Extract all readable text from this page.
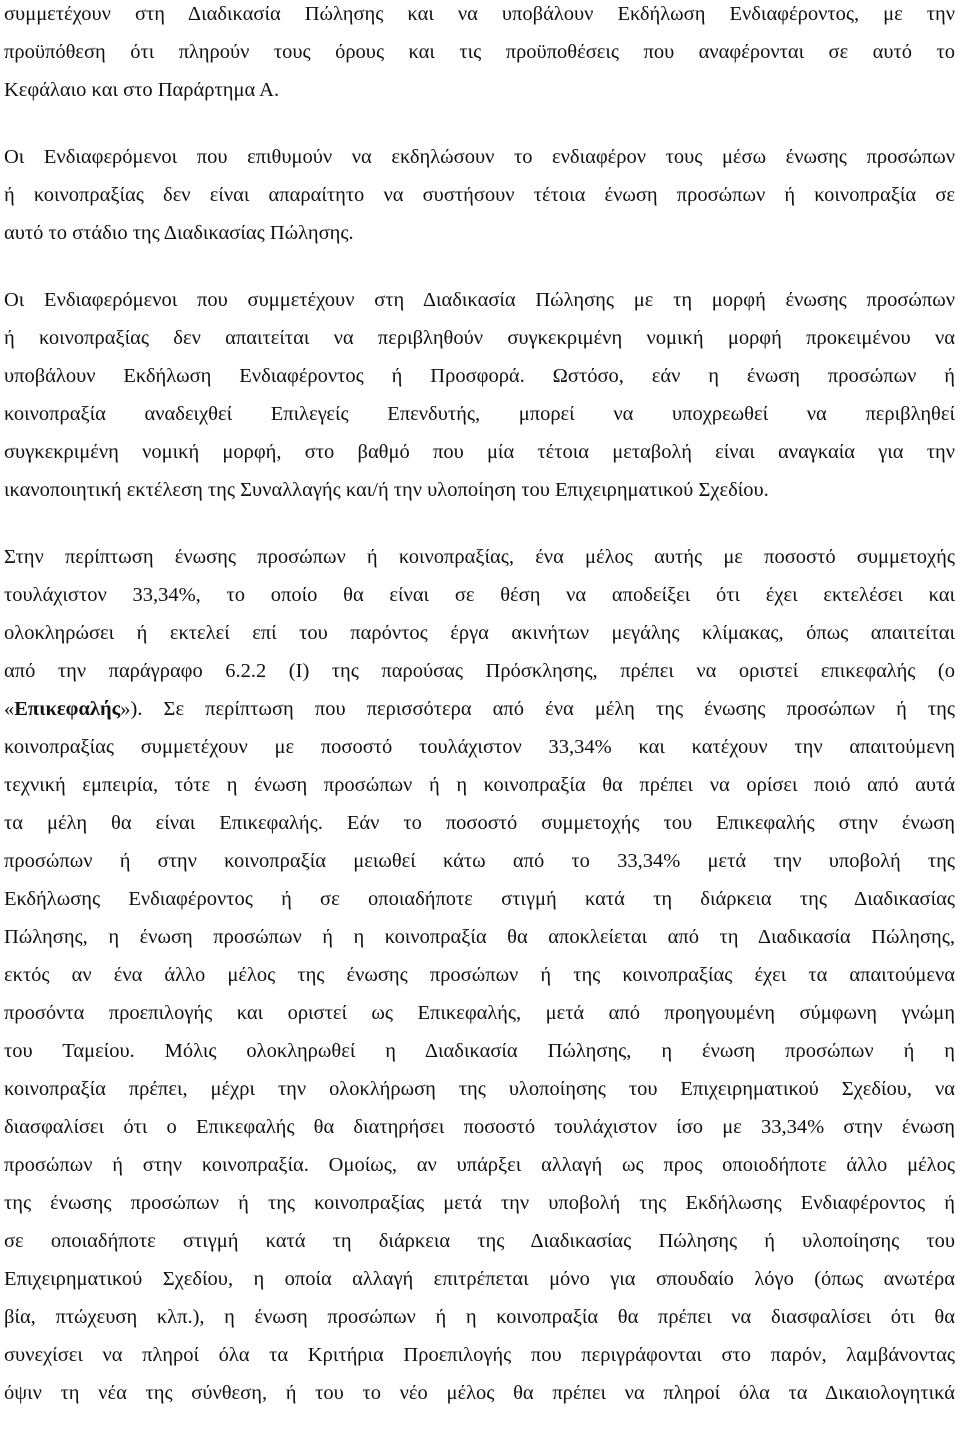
συμμετέχουν στη Διαδικασία Πώλησης και να υποβάλουν Εκδήλωση Ενδιαφέροντος, με την
προϋπόθεση ότι πληρούν τους όρους και τις προϋποθέσεις που αναφέρονται σε αυτό το
Κεφάλαιο και στο Παράρτημα Α.
Οι Ενδιαφερόμενοι που επιθυμούν να εκδηλώσουν το ενδιαφέρον τους μέσω ένωσης προσώπων
ή κοινοπραξίας δεν είναι απαραίτητο να συστήσουν τέτοια ένωση προσώπων ή κοινοπραξία σε
αυτό το στάδιο της Διαδικασίας Πώλησης.
Οι Ενδιαφερόμενοι που συμμετέχουν στη Διαδικασία Πώλησης με τη μορφή ένωσης προσώπων
ή κοινοπραξίας δεν απαιτείται να περιβληθούν συγκεκριμένη νομική μορφή προκειμένου να
υποβάλουν Εκδήλωση Ενδιαφέροντος ή Προσφορά. Ωστόσο, εάν η ένωση προσώπων ή
κοινοπραξία αναδειχθεί Επιλεγείς Επενδυτής, μπορεί να υποχρεωθεί να περιβληθεί
συγκεκριμένη νομική μορφή, στο βαθμό που μία τέτοια μεταβολή είναι αναγκαία για την
ικανοποιητική εκτέλεση της Συναλλαγής και/ή την υλοποίηση του Επιχειρηματικού Σχεδίου.
Στην περίπτωση ένωσης προσώπων ή κοινοπραξίας, ένα μέλος αυτής με ποσοστό συμμετοχής
τουλάχιστον 33,34%, το οποίο θα είναι σε θέση να αποδείξει ότι έχει εκτελέσει και
ολοκληρώσει ή εκτελεί επί του παρόντος έργα ακινήτων μεγάλης κλίμακας, όπως απαιτείται
από την παράγραφο 6.2.2 (Ι) της παρούσας Πρόσκλησης, πρέπει να οριστεί επικεφαλής (ο
«Επικεφαλής»). Σε περίπτωση που περισσότερα από ένα μέλη της ένωσης προσώπων ή της
κοινοπραξίας συμμετέχουν με ποσοστό τουλάχιστον 33,34% και κατέχουν την απαιτούμενη
τεχνική εμπειρία, τότε η ένωση προσώπων ή η κοινοπραξία θα πρέπει να ορίσει ποιό από αυτά
τα μέλη θα είναι Επικεφαλής. Εάν το ποσοστό συμμετοχής του Επικεφαλής στην ένωση
προσώπων ή στην κοινοπραξία μειωθεί κάτω από το 33,34% μετά την υποβολή της
Εκδήλωσης Ενδιαφέροντος ή σε οποιαδήποτε στιγμή κατά τη διάρκεια της Διαδικασίας
Πώλησης, η ένωση προσώπων ή η κοινοπραξία θα αποκλείεται από τη Διαδικασία Πώλησης,
εκτός αν ένα άλλο μέλος της ένωσης προσώπων ή της κοινοπραξίας έχει τα απαιτούμενα
προσόντα προεπιλογής και οριστεί ως Επικεφαλής, μετά από προηγουμένη σύμφωνη γνώμη
του Ταμείου. Μόλις ολοκληρωθεί η Διαδικασία Πώλησης, η ένωση προσώπων ή η
κοινοπραξία πρέπει, μέχρι την ολοκλήρωση της υλοποίησης του Επιχειρηματικού Σχεδίου, να
διασφαλίσει ότι ο Επικεφαλής θα διατηρήσει ποσοστό τουλάχιστον ίσο με 33,34% στην ένωση
προσώπων ή στην κοινοπραξία. Ομοίως, αν υπάρξει αλλαγή ως προς οποιοδήποτε άλλο μέλος
της ένωσης προσώπων ή της κοινοπραξίας μετά την υποβολή της Εκδήλωσης Ενδιαφέροντος ή
σε οποιαδήποτε στιγμή κατά τη διάρκεια της Διαδικασίας Πώλησης ή υλοποίησης του
Επιχειρηματικού Σχεδίου, η οποία αλλαγή επιτρέπεται μόνο για σπουδαίο λόγο (όπως ανωτέρα
βία, πτώχευση κλπ.), η ένωση προσώπων ή η κοινοπραξία θα πρέπει να διασφαλίσει ότι θα
συνεχίσει να πληροί όλα τα Κριτήρια Προεπιλογής που περιγράφονται στο παρόν, λαμβάνοντας
όψιν τη νέα της σύνθεση, ή του το νέο μέλος θα πρέπει να πληροί όλα τα Δικαιολογητικά
